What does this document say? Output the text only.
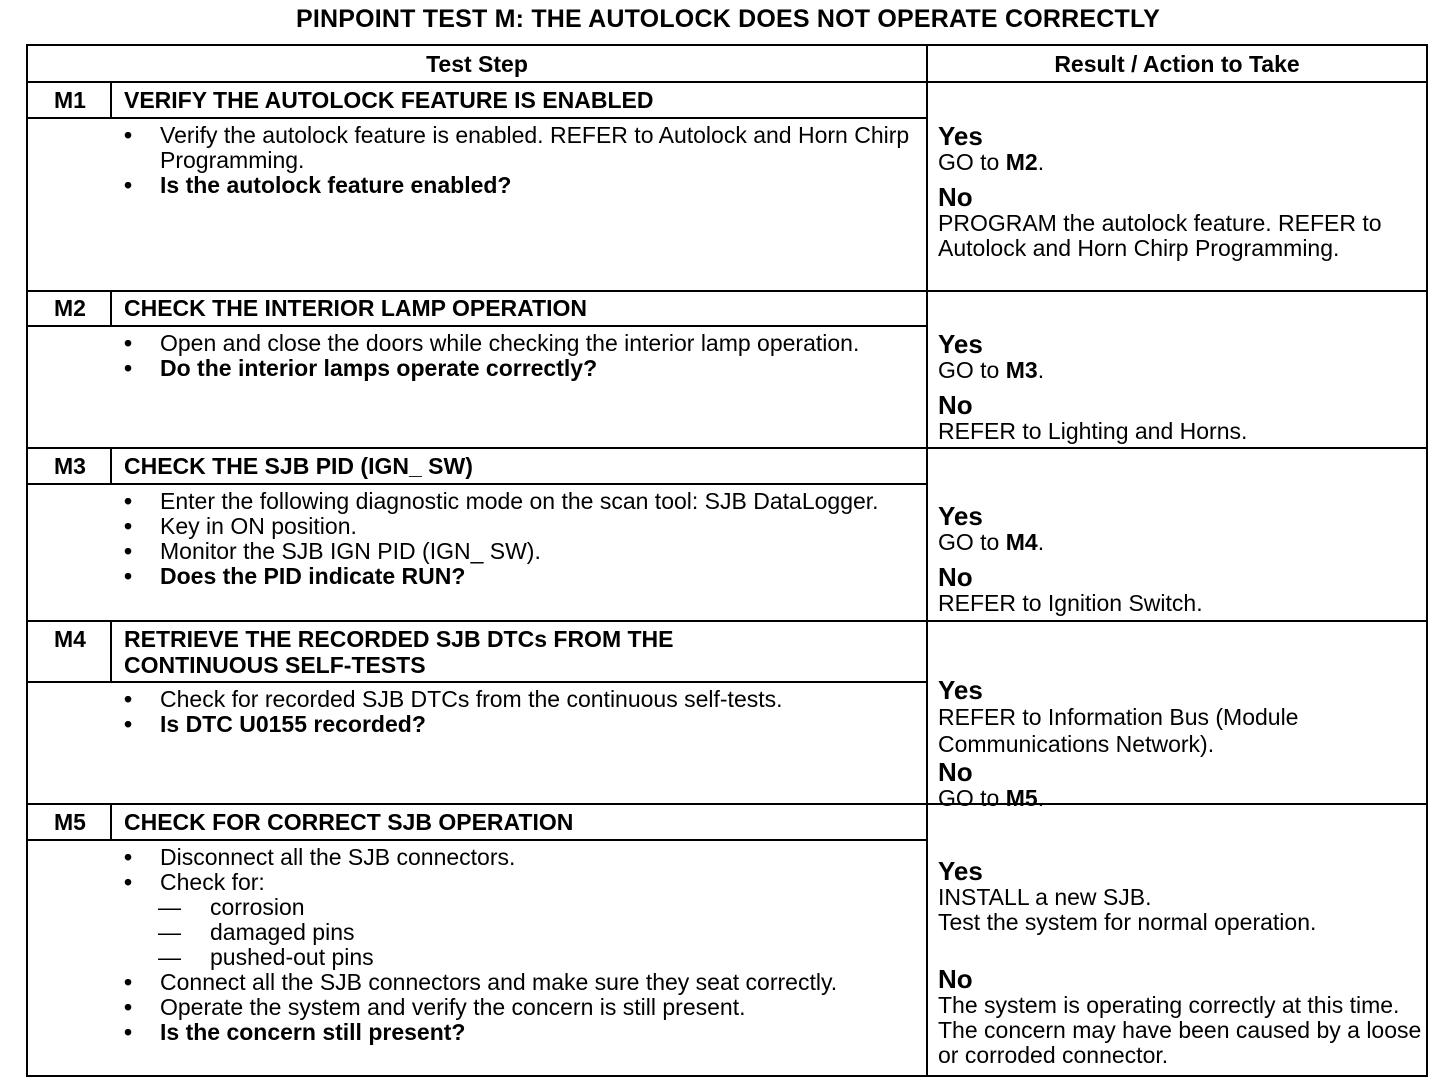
PINPOINT TEST M: THE AUTOLOCK DOES NOT OPERATE CORRECTLY
Test Step	Result / Action to Take
M1	VERIFY THE AUTOLOCK FEATURE IS ENABLED
•	Verify the autolock feature is enabled. REFER to Autolock and Horn Chirp Programming.
•	Is the autolock feature enabled?
Yes
GO to M2.
No
PROGRAM the autolock feature. REFER to Autolock and Horn Chirp Programming.
M2	CHECK THE INTERIOR LAMP OPERATION
•	Open and close the doors while checking the interior lamp operation.
•	Do the interior lamps operate correctly?
Yes
GO to M3.
No
REFER to Lighting and Horns.
M3	CHECK THE SJB PID (IGN_ SW)
•	Enter the following diagnostic mode on the scan tool: SJB DataLogger.
•	Key in ON position.
•	Monitor the SJB IGN PID (IGN_ SW).
•	Does the PID indicate RUN?
Yes
GO to M4.
No
REFER to Ignition Switch.
M4	RETRIEVE THE RECORDED SJB DTCs FROM THE CONTINUOUS SELF-TESTS
•	Check for recorded SJB DTCs from the continuous self-tests.
•	Is DTC U0155 recorded?
Yes
REFER to Information Bus (Module Communications Network).
No
GO to M5.
M5	CHECK FOR CORRECT SJB OPERATION
•	Disconnect all the SJB connectors.
•	Check for:
— corrosion
— damaged pins
— pushed-out pins
•	Connect all the SJB connectors and make sure they seat correctly.
•	Operate the system and verify the concern is still present.
•	Is the concern still present?
Yes
INSTALL a new SJB.
Test the system for normal operation.
No
The system is operating correctly at this time. The concern may have been caused by a loose or corroded connector.
